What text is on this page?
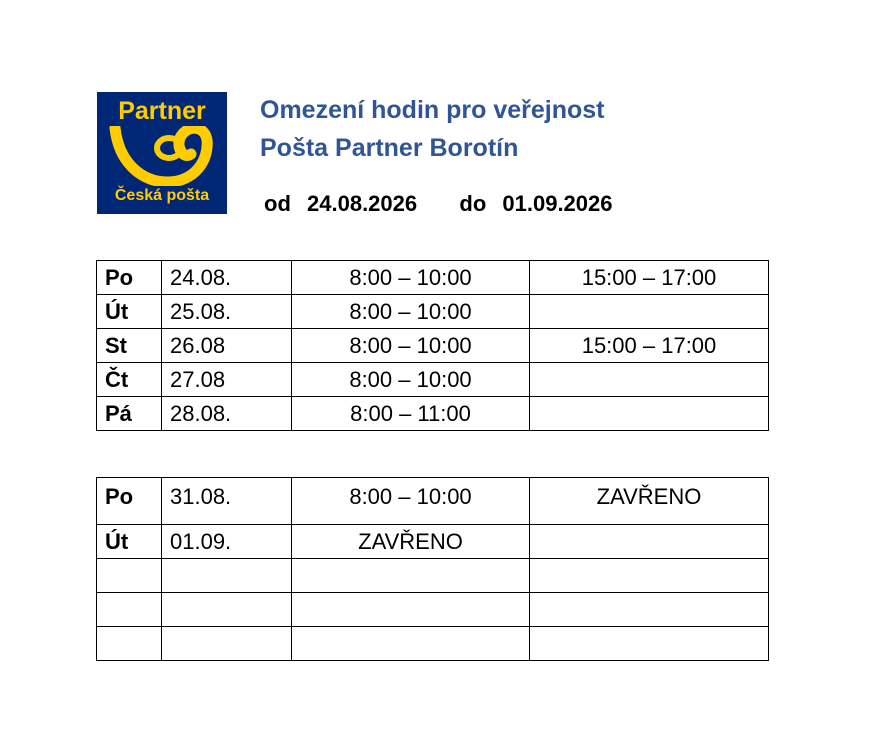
Partner
Česká pošta
Omezení hodin pro veřejnost
Pošta Partner Borotín
od 24.08.2026 do 01.09.2026
Po	24.08.	8:00 – 10:00	15:00 – 17:00
Út	25.08.	8:00 – 10:00	
St	26.08	8:00 – 10:00	15:00 – 17:00
Čt	27.08	8:00 – 10:00	
Pá	28.08.	8:00 – 11:00	
Po	31.08.	8:00 – 10:00	ZAVŘENO
Út	01.09.	ZAVŘENO	
